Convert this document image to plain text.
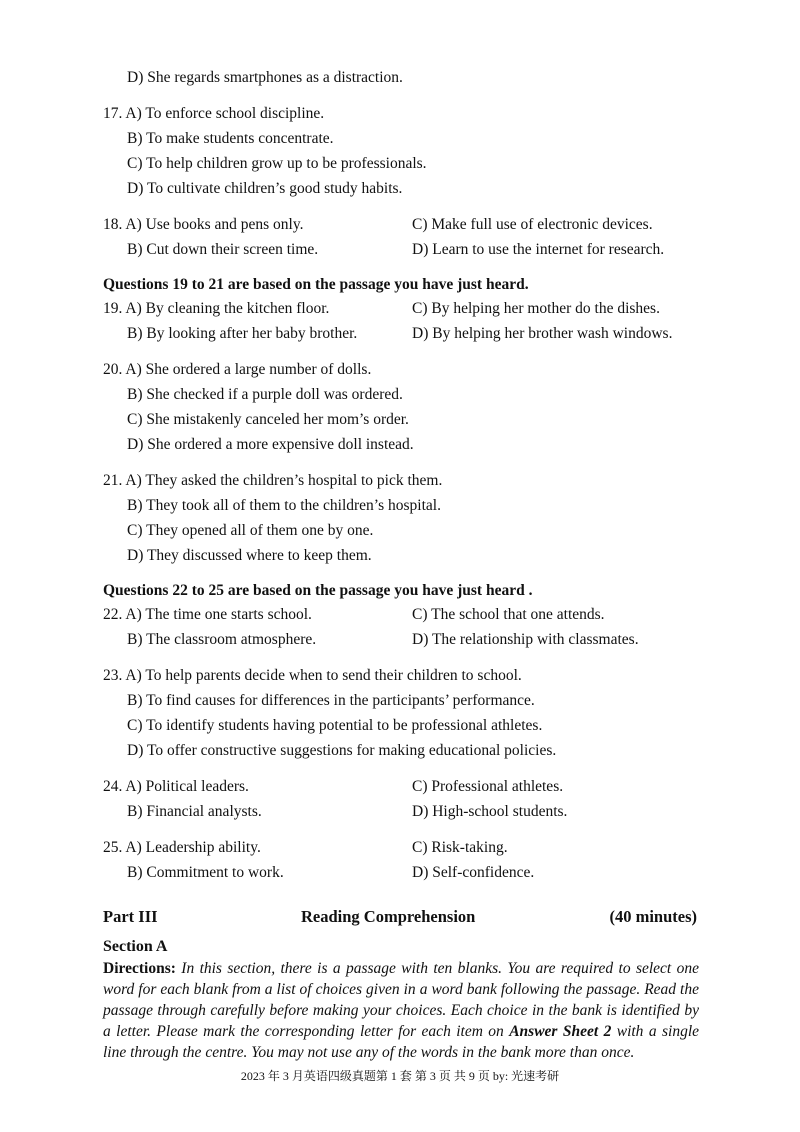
D) She regards smartphones as a distraction.
17. A) To enforce school discipline.
B) To make students concentrate.
C) To help children grow up to be professionals.
D) To cultivate children’s good study habits.
18. A) Use books and pens only.	C) Make full use of electronic devices.
B) Cut down their screen time.	D) Learn to use the internet for research.
Questions 19 to 21 are based on the passage you have just heard.
19. A) By cleaning the kitchen floor.	C) By helping her mother do the dishes.
B) By looking after her baby brother.	D) By helping her brother wash windows.
20. A) She ordered a large number of dolls.
B) She checked if a purple doll was ordered.
C) She mistakenly canceled her mom’s order.
D) She ordered a more expensive doll instead.
21. A) They asked the children’s hospital to pick them.
B) They took all of them to the children’s hospital.
C) They opened all of them one by one.
D) They discussed where to keep them.
Questions 22 to 25 are based on the passage you have just heard .
22. A) The time one starts school.	C) The school that one attends.
B) The classroom atmosphere.	D) The relationship with classmates.
23. A) To help parents decide when to send their children to school.
B) To find causes for differences in the participants’ performance.
C) To identify students having potential to be professional athletes.
D) To offer constructive suggestions for making educational policies.
24. A) Political leaders.	C) Professional athletes.
B) Financial analysts.	D) High-school students.
25. A) Leadership ability.	C) Risk-taking.
B) Commitment to work.	D) Self-confidence.
Part III	Reading Comprehension	(40 minutes)
Section A
Directions: In this section, there is a passage with ten blanks. You are required to select one word for each blank from a list of choices given in a word bank following the passage. Read the passage through carefully before making your choices. Each choice in the bank is identified by a letter. Please mark the corresponding letter for each item on Answer Sheet 2 with a single line through the centre. You may not use any of the words in the bank more than once.
2023 年 3 月英语四级真题第 1 套 第 3 页 共 9 页 by: 光速考研
